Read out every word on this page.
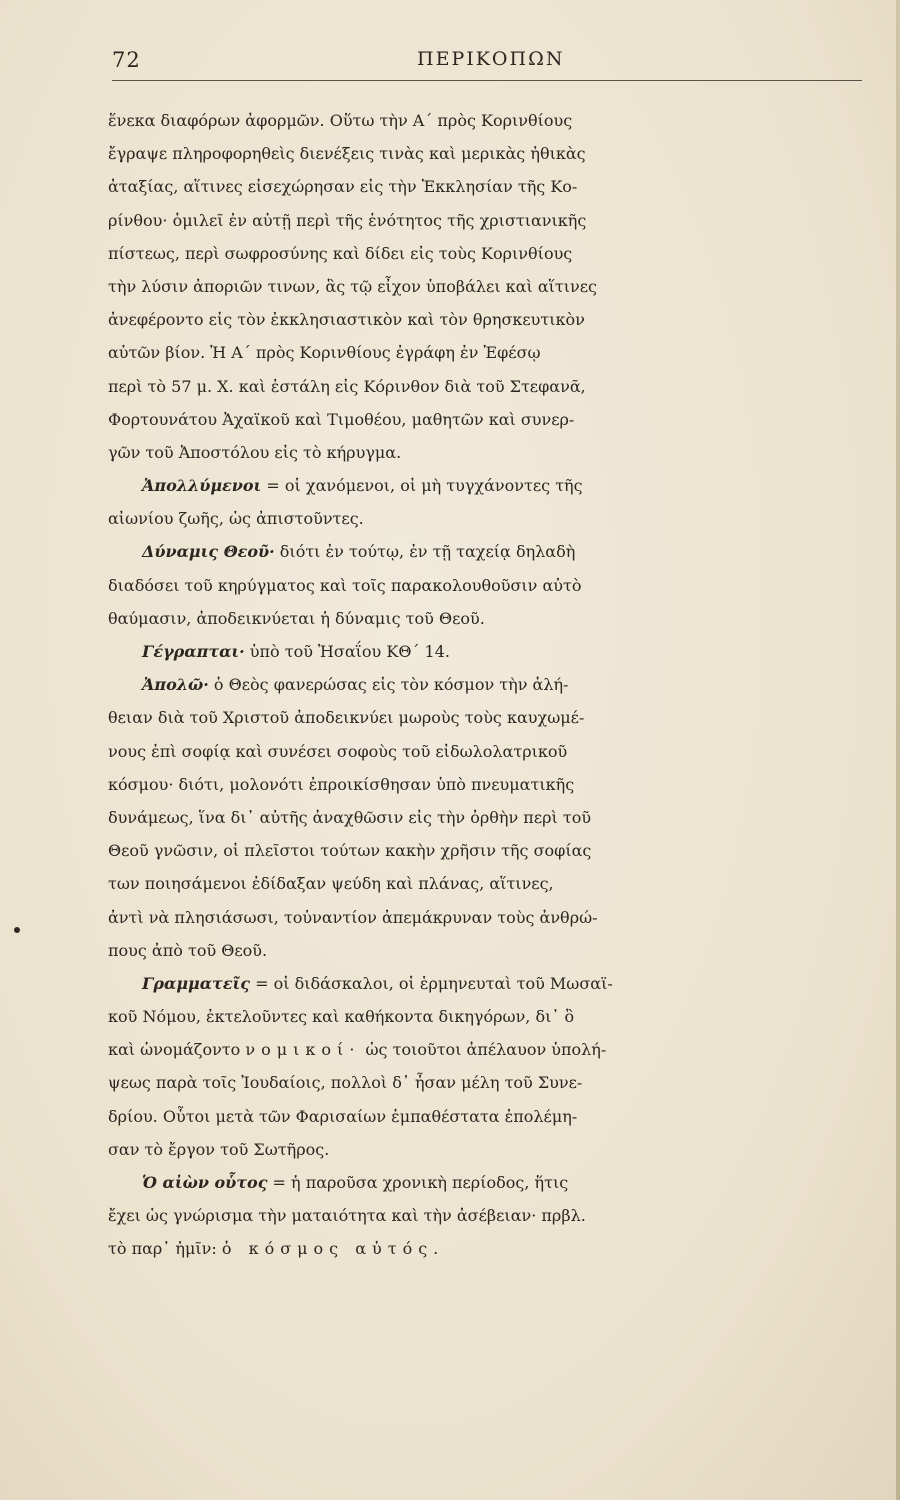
72	ΠΕΡΙΚΟΠΩΝ
ἕνεκα διαφόρων ἀφορμῶν. Οὕτω τὴν Α΄ πρὸς Κορινθίους
ἔγραψε πληροφορηθεὶς διενέξεις τινὰς καὶ μερικὰς ἠθικὰς
ἀταξίας, αἵτινες εἰσεχώρησαν εἰς τὴν Ἐκκλησίαν τῆς Κο-
ρίνθου· ὁμιλεῖ ἐν αὐτῇ περὶ τῆς ἑνότητος τῆς χριστιανικῆς
πίστεως, περὶ σωφροσύνης καὶ δίδει εἰς τοὺς Κορινθίους
τὴν λύσιν ἀποριῶν τινων, ἃς τῷ εἶχον ὑποβάλει καὶ αἵτινες
ἀνεφέροντο εἰς τὸν ἐκκλησιαστικὸν καὶ τὸν θρησκευτικὸν
αὐτῶν βίον. Ἡ Α΄ πρὸς Κορινθίους ἐγράφη ἐν Ἐφέσῳ
περὶ τὸ 57 μ. Χ. καὶ ἐστάλη εἰς Κόρινθον διὰ τοῦ Στεφανᾶ,
Φορτουνάτου Ἀχαϊκοῦ καὶ Τιμοθέου, μαθητῶν καὶ συνερ-
γῶν τοῦ Ἀποστόλου εἰς τὸ κήρυγμα.
Ἀπολλύμενοι = οἱ χανόμενοι, οἱ μὴ τυγχάνοντες τῆς
αἰωνίου ζωῆς, ὡς ἀπιστοῦντες.
Δύναμις Θεοῦ· διότι ἐν τούτῳ, ἐν τῇ ταχείᾳ δηλαδὴ
διαδόσει τοῦ κηρύγματος καὶ τοῖς παρακολουθοῦσιν αὐτὸ
θαύμασιν, ἀποδεικνύεται ἡ δύναμις τοῦ Θεοῦ.
Γέγραπται· ὑπὸ τοῦ Ἡσαΐου ΚΘ΄ 14.
Ἀπολῶ· ὁ Θεὸς φανερώσας εἰς τὸν κόσμον τὴν ἀλή-
θειαν διὰ τοῦ Χριστοῦ ἀποδεικνύει μωροὺς τοὺς καυχωμέ-
νους ἐπὶ σοφίᾳ καὶ συνέσει σοφοὺς τοῦ εἰδωλολατρικοῦ
κόσμου· διότι, μολονότι ἐπροικίσθησαν ὑπὸ πνευματικῆς
δυνάμεως, ἵνα δι᾽ αὐτῆς ἀναχθῶσιν εἰς τὴν ὀρθὴν περὶ τοῦ
Θεοῦ γνῶσιν, οἱ πλεῖστοι τούτων κακὴν χρῆσιν τῆς σοφίας
των ποιησάμενοι ἐδίδαξαν ψεύδη καὶ πλάνας, αἵτινες,
ἀντὶ νὰ πλησιάσωσι, τοὐναντίον ἀπεμάκρυναν τοὺς ἀνθρώ-
πους ἀπὸ τοῦ Θεοῦ.
Γραμματεῖς = οἱ διδάσκαλοι, οἱ ἑρμηνευταὶ τοῦ Μωσαϊ-
κοῦ Νόμου, ἐκτελοῦντες καὶ καθήκοντα δικηγόρων, δι᾽ ὃ
καὶ ὠνομάζοντο νομικοί· ὡς τοιοῦτοι ἀπέλαυον ὑπολή-
ψεως παρὰ τοῖς Ἰουδαίοις, πολλοὶ δ᾽ ἦσαν μέλη τοῦ Συνε-
δρίου. Οὗτοι μετὰ τῶν Φαρισαίων ἐμπαθέστατα ἐπολέμη-
σαν τὸ ἔργον τοῦ Σωτῆρος.
Ὁ αἰὼν οὗτος = ἡ παροῦσα χρονικὴ περίοδος, ἥτις
ἔχει ὡς γνώρισμα τὴν ματαιότητα καὶ τὴν ἀσέβειαν· πρβλ.
τὸ παρ᾽ ἡμῖν: ὁ κόσμος αὐτός.
